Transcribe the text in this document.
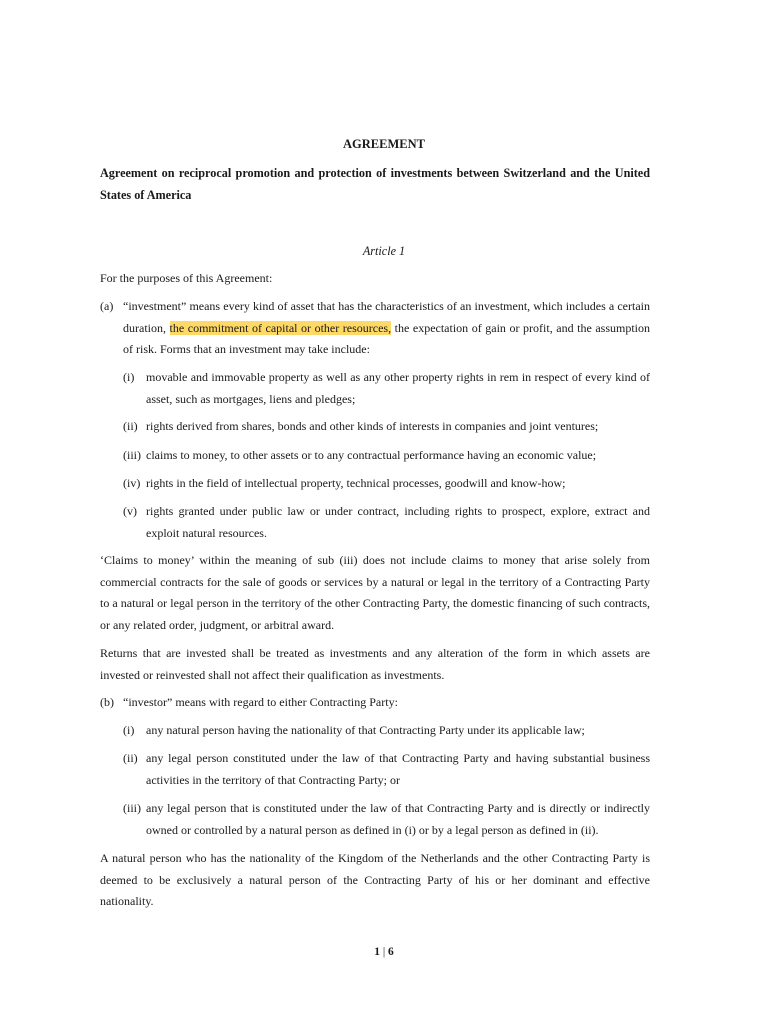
AGREEMENT
Agreement on reciprocal promotion and protection of investments between Switzerland and the United States of America
Article 1

For the purposes of this Agreement:

(a) “investment” means every kind of asset that has the characteristics of an investment, which includes a certain duration, the commitment of capital or other resources, the expectation of gain or profit, and the assumption of risk. Forms that an investment may take include:
(i) movable and immovable property as well as any other property rights in rem in respect of every kind of asset, such as mortgages, liens and pledges;
(ii) rights derived from shares, bonds and other kinds of interests in companies and joint ventures;
(iii) claims to money, to other assets or to any contractual performance having an economic value;
(iv) rights in the field of intellectual property, technical processes, goodwill and know-how;
(v) rights granted under public law or under contract, including rights to prospect, explore, extract and exploit natural resources.

‘Claims to money’ within the meaning of sub (iii) does not include claims to money that arise solely from commercial contracts for the sale of goods or services by a natural or legal in the territory of a Contracting Party to a natural or legal person in the territory of the other Contracting Party, the domestic financing of such contracts, or any related order, judgment, or arbitral award.

Returns that are invested shall be treated as investments and any alteration of the form in which assets are invested or reinvested shall not affect their qualification as investments.

(b) “investor” means with regard to either Contracting Party:
(i) any natural person having the nationality of that Contracting Party under its applicable law;
(ii) any legal person constituted under the law of that Contracting Party and having substantial business activities in the territory of that Contracting Party; or
(iii) any legal person that is constituted under the law of that Contracting Party and is directly or indirectly owned or controlled by a natural person as defined in (i) or by a legal person as defined in (ii).

A natural person who has the nationality of the Kingdom of the Netherlands and the other Contracting Party is deemed to be exclusively a natural person of the Contracting Party of his or her dominant and effective nationality.

1 | 6
